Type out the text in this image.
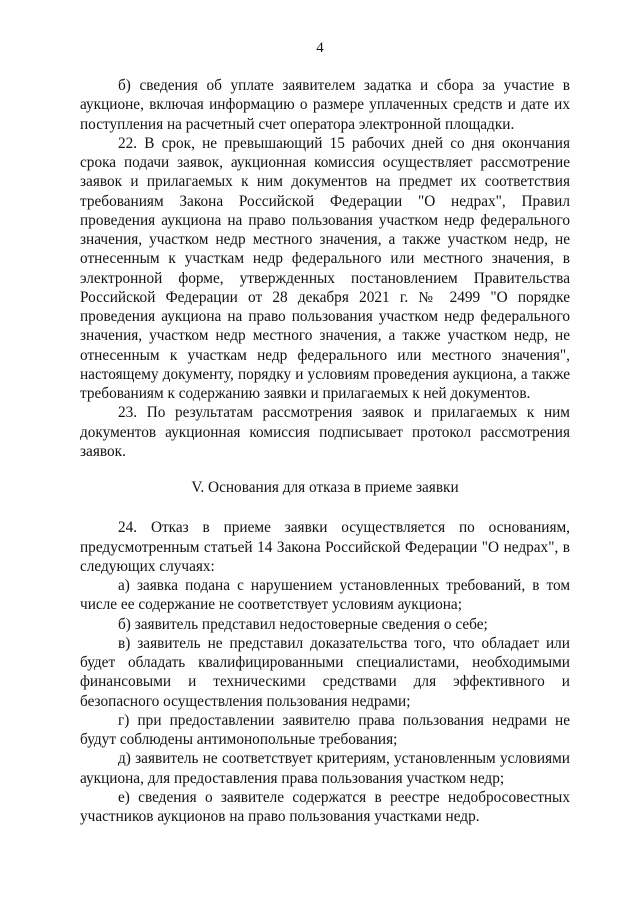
4

б) сведения об уплате заявителем задатка и сбора за участие в аукционе, включая информацию о размере уплаченных средств и дате их поступления на расчетный счет оператора электронной площадки.

22. В срок, не превышающий 15 рабочих дней со дня окончания срока подачи заявок, аукционная комиссия осуществляет рассмотрение заявок и прилагаемых к ним документов на предмет их соответствия требованиям Закона Российской Федерации "О недрах", Правил проведения аукциона на право пользования участком недр федерального значения, участком недр местного значения, а также участком недр, не отнесенным к участкам недр федерального или местного значения, в электронной форме, утвержденных постановлением Правительства Российской Федерации от 28 декабря 2021 г. № 2499 "О порядке проведения аукциона на право пользования участком недр федерального значения, участком недр местного значения, а также участком недр, не отнесенным к участкам недр федерального или местного значения", настоящему документу, порядку и условиям проведения аукциона, а также требованиям к содержанию заявки и прилагаемых к ней документов.

23. По результатам рассмотрения заявок и прилагаемых к ним документов аукционная комиссия подписывает протокол рассмотрения заявок.

V. Основания для отказа в приеме заявки

24. Отказ в приеме заявки осуществляется по основаниям, предусмотренным статьей 14 Закона Российской Федерации "О недрах", в следующих случаях:

а) заявка подана с нарушением установленных требований, в том числе ее содержание не соответствует условиям аукциона;

б) заявитель представил недостоверные сведения о себе;

в) заявитель не представил доказательства того, что обладает или будет обладать квалифицированными специалистами, необходимыми финансовыми и техническими средствами для эффективного и безопасного осуществления пользования недрами;

г) при предоставлении заявителю права пользования недрами не будут соблюдены антимонопольные требования;

д) заявитель не соответствует критериям, установленным условиями аукциона, для предоставления права пользования участком недр;

е) сведения о заявителе содержатся в реестре недобросовестных участников аукционов на право пользования участками недр.
